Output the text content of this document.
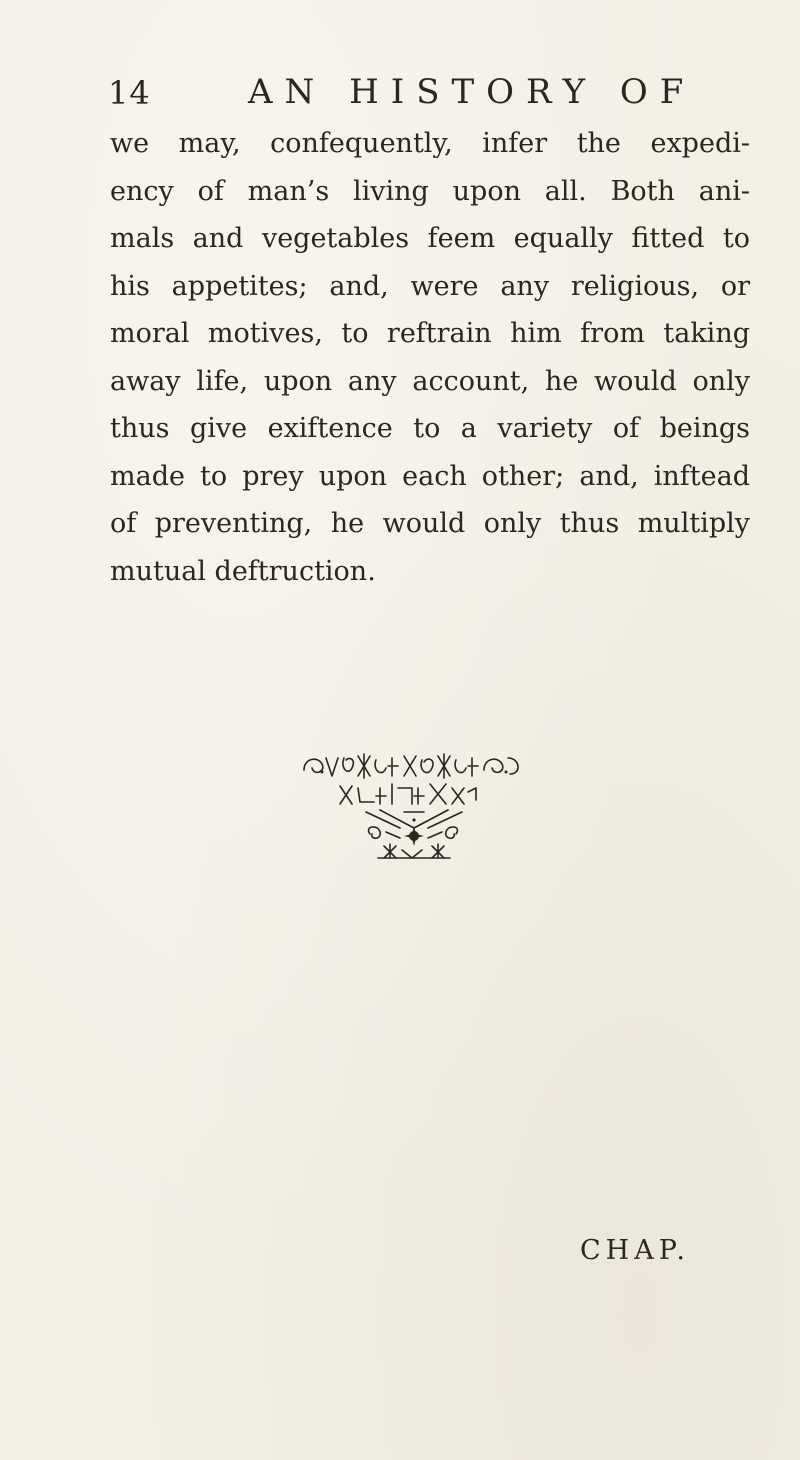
14	AN HISTORY OF
we may, confequently, infer the expedi-
ency of man’s living upon all. Both ani-
mals and vegetables feem equally fitted to
his appetites; and, were any religious, or
moral motives, to reftrain him from taking
away life, upon any account, he would only
thus give exiftence to a variety of beings
made to prey upon each other; and, inftead
of preventing, he would only thus multiply
mutual deftruction.
CHAP.
